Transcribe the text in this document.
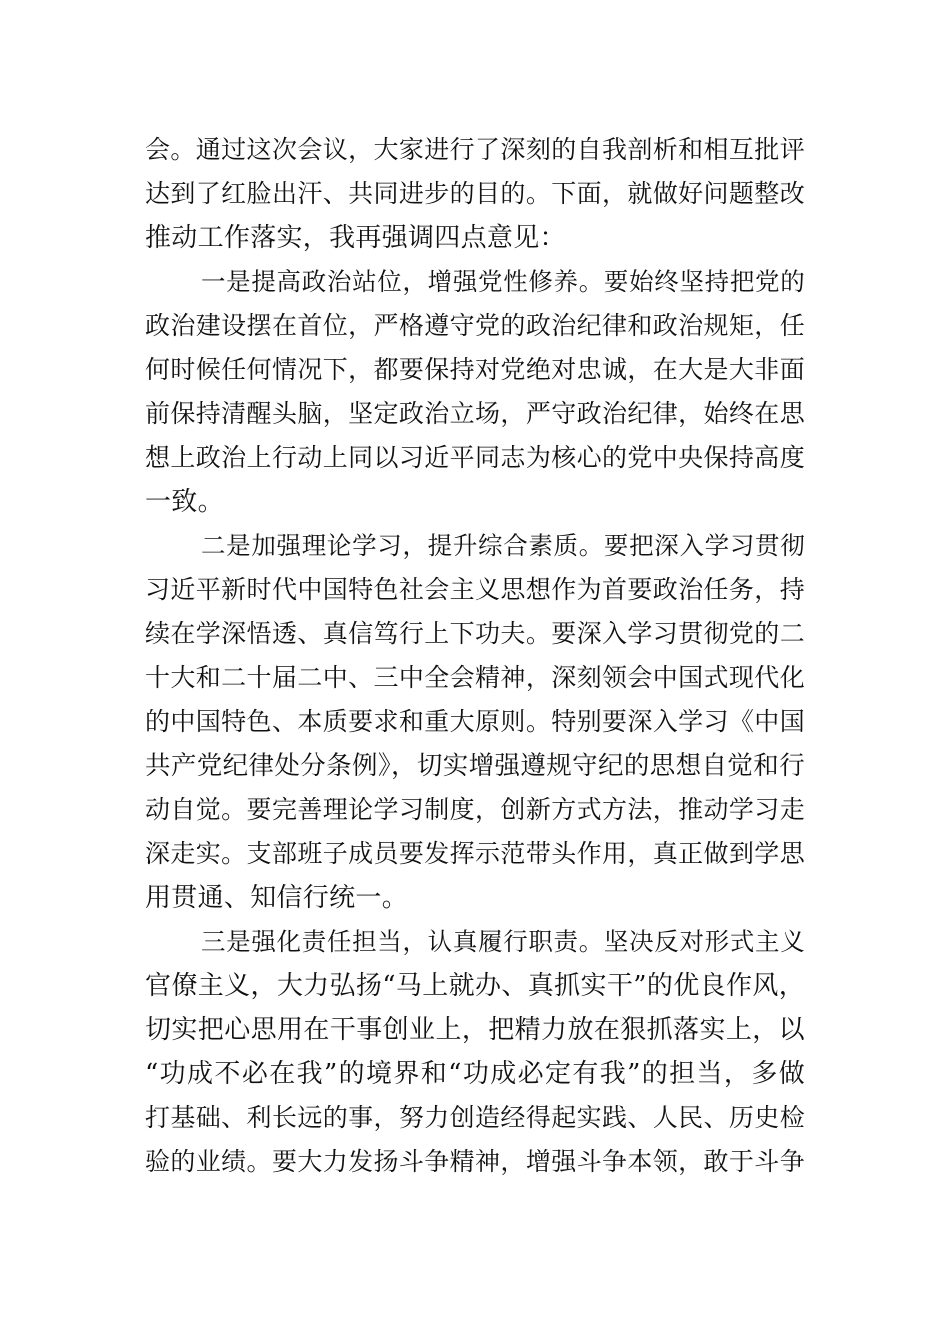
会。通过这次会议，大家进行了深刻的自我剖析和相互批评
达到了红脸出汗、共同进步的目的。下面，就做好问题整改
推动工作落实，我再强调四点意见：
一是提高政治站位，增强党性修养。要始终坚持把党的
政治建设摆在首位，严格遵守党的政治纪律和政治规矩，任
何时候任何情况下，都要保持对党绝对忠诚，在大是大非面
前保持清醒头脑，坚定政治立场，严守政治纪律，始终在思
想上政治上行动上同以习近平同志为核心的党中央保持高度
一致。
二是加强理论学习，提升综合素质。要把深入学习贯彻
习近平新时代中国特色社会主义思想作为首要政治任务，持
续在学深悟透、真信笃行上下功夫。要深入学习贯彻党的二
十大和二十届二中、三中全会精神，深刻领会中国式现代化
的中国特色、本质要求和重大原则。特别要深入学习《中国
共产党纪律处分条例》，切实增强遵规守纪的思想自觉和行
动自觉。要完善理论学习制度，创新方式方法，推动学习走
深走实。支部班子成员要发挥示范带头作用，真正做到学思
用贯通、知信行统一。
三是强化责任担当，认真履行职责。坚决反对形式主义
官僚主义，大力弘扬“马上就办、真抓实干”的优良作风，
切实把心思用在干事创业上，把精力放在狠抓落实上，以
“功成不必在我”的境界和“功成必定有我”的担当，多做
打基础、利长远的事，努力创造经得起实践、人民、历史检
验的业绩。要大力发扬斗争精神，增强斗争本领，敢于斗争
